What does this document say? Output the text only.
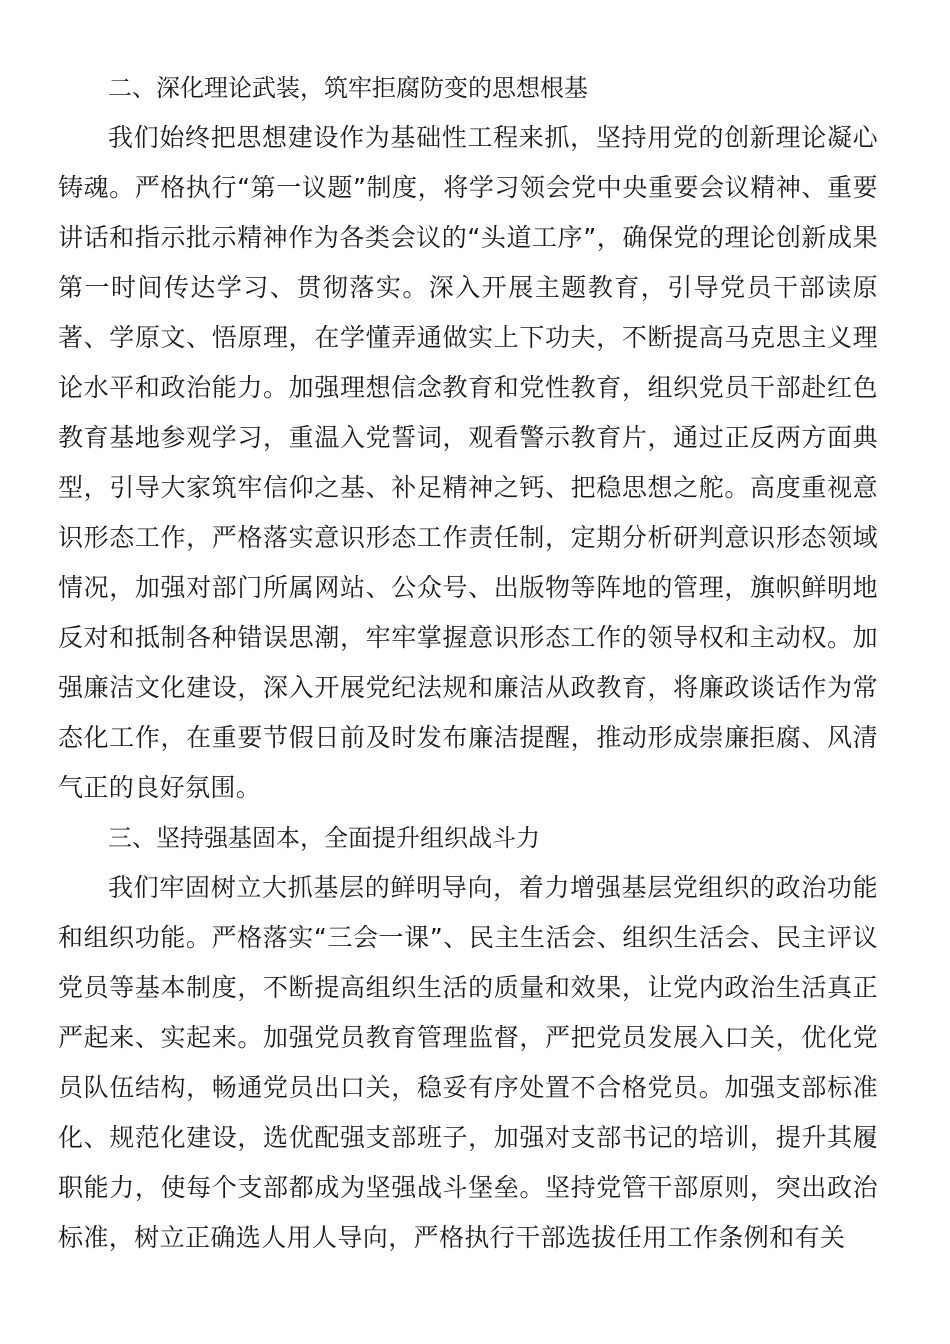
二、深化理论武装，筑牢拒腐防变的思想根基

我们始终把思想建设作为基础性工程来抓，坚持用党的创新理论凝心铸魂。严格执行“第一议题”制度，将学习领会党中央重要会议精神、重要讲话和指示批示精神作为各类会议的“头道工序”，确保党的理论创新成果第一时间传达学习、贯彻落实。深入开展主题教育，引导党员干部读原著、学原文、悟原理，在学懂弄通做实上下功夫，不断提高马克思主义理论水平和政治能力。加强理想信念教育和党性教育，组织党员干部赴红色教育基地参观学习，重温入党誓词，观看警示教育片，通过正反两方面典型，引导大家筑牢信仰之基、补足精神之钙、把稳思想之舵。高度重视意识形态工作，严格落实意识形态工作责任制，定期分析研判意识形态领域情况，加强对部门所属网站、公众号、出版物等阵地的管理，旗帜鲜明地反对和抵制各种错误思潮，牢牢掌握意识形态工作的领导权和主动权。加强廉洁文化建设，深入开展党纪法规和廉洁从政教育，将廉政谈话作为常态化工作，在重要节假日前及时发布廉洁提醒，推动形成崇廉拒腐、风清气正的良好氛围。

三、坚持强基固本，全面提升组织战斗力

我们牢固树立大抓基层的鲜明导向，着力增强基层党组织的政治功能和组织功能。严格落实“三会一课”、民主生活会、组织生活会、民主评议党员等基本制度，不断提高组织生活的质量和效果，让党内政治生活真正严起来、实起来。加强党员教育管理监督，严把党员发展入口关，优化党员队伍结构，畅通党员出口关，稳妥有序处置不合格党员。加强支部标准化、规范化建设，选优配强支部班子，加强对支部书记的培训，提升其履职能力，使每个支部都成为坚强战斗堡垒。坚持党管干部原则，突出政治标准，树立正确选人用人导向，严格执行干部选拔任用工作条例和有关
